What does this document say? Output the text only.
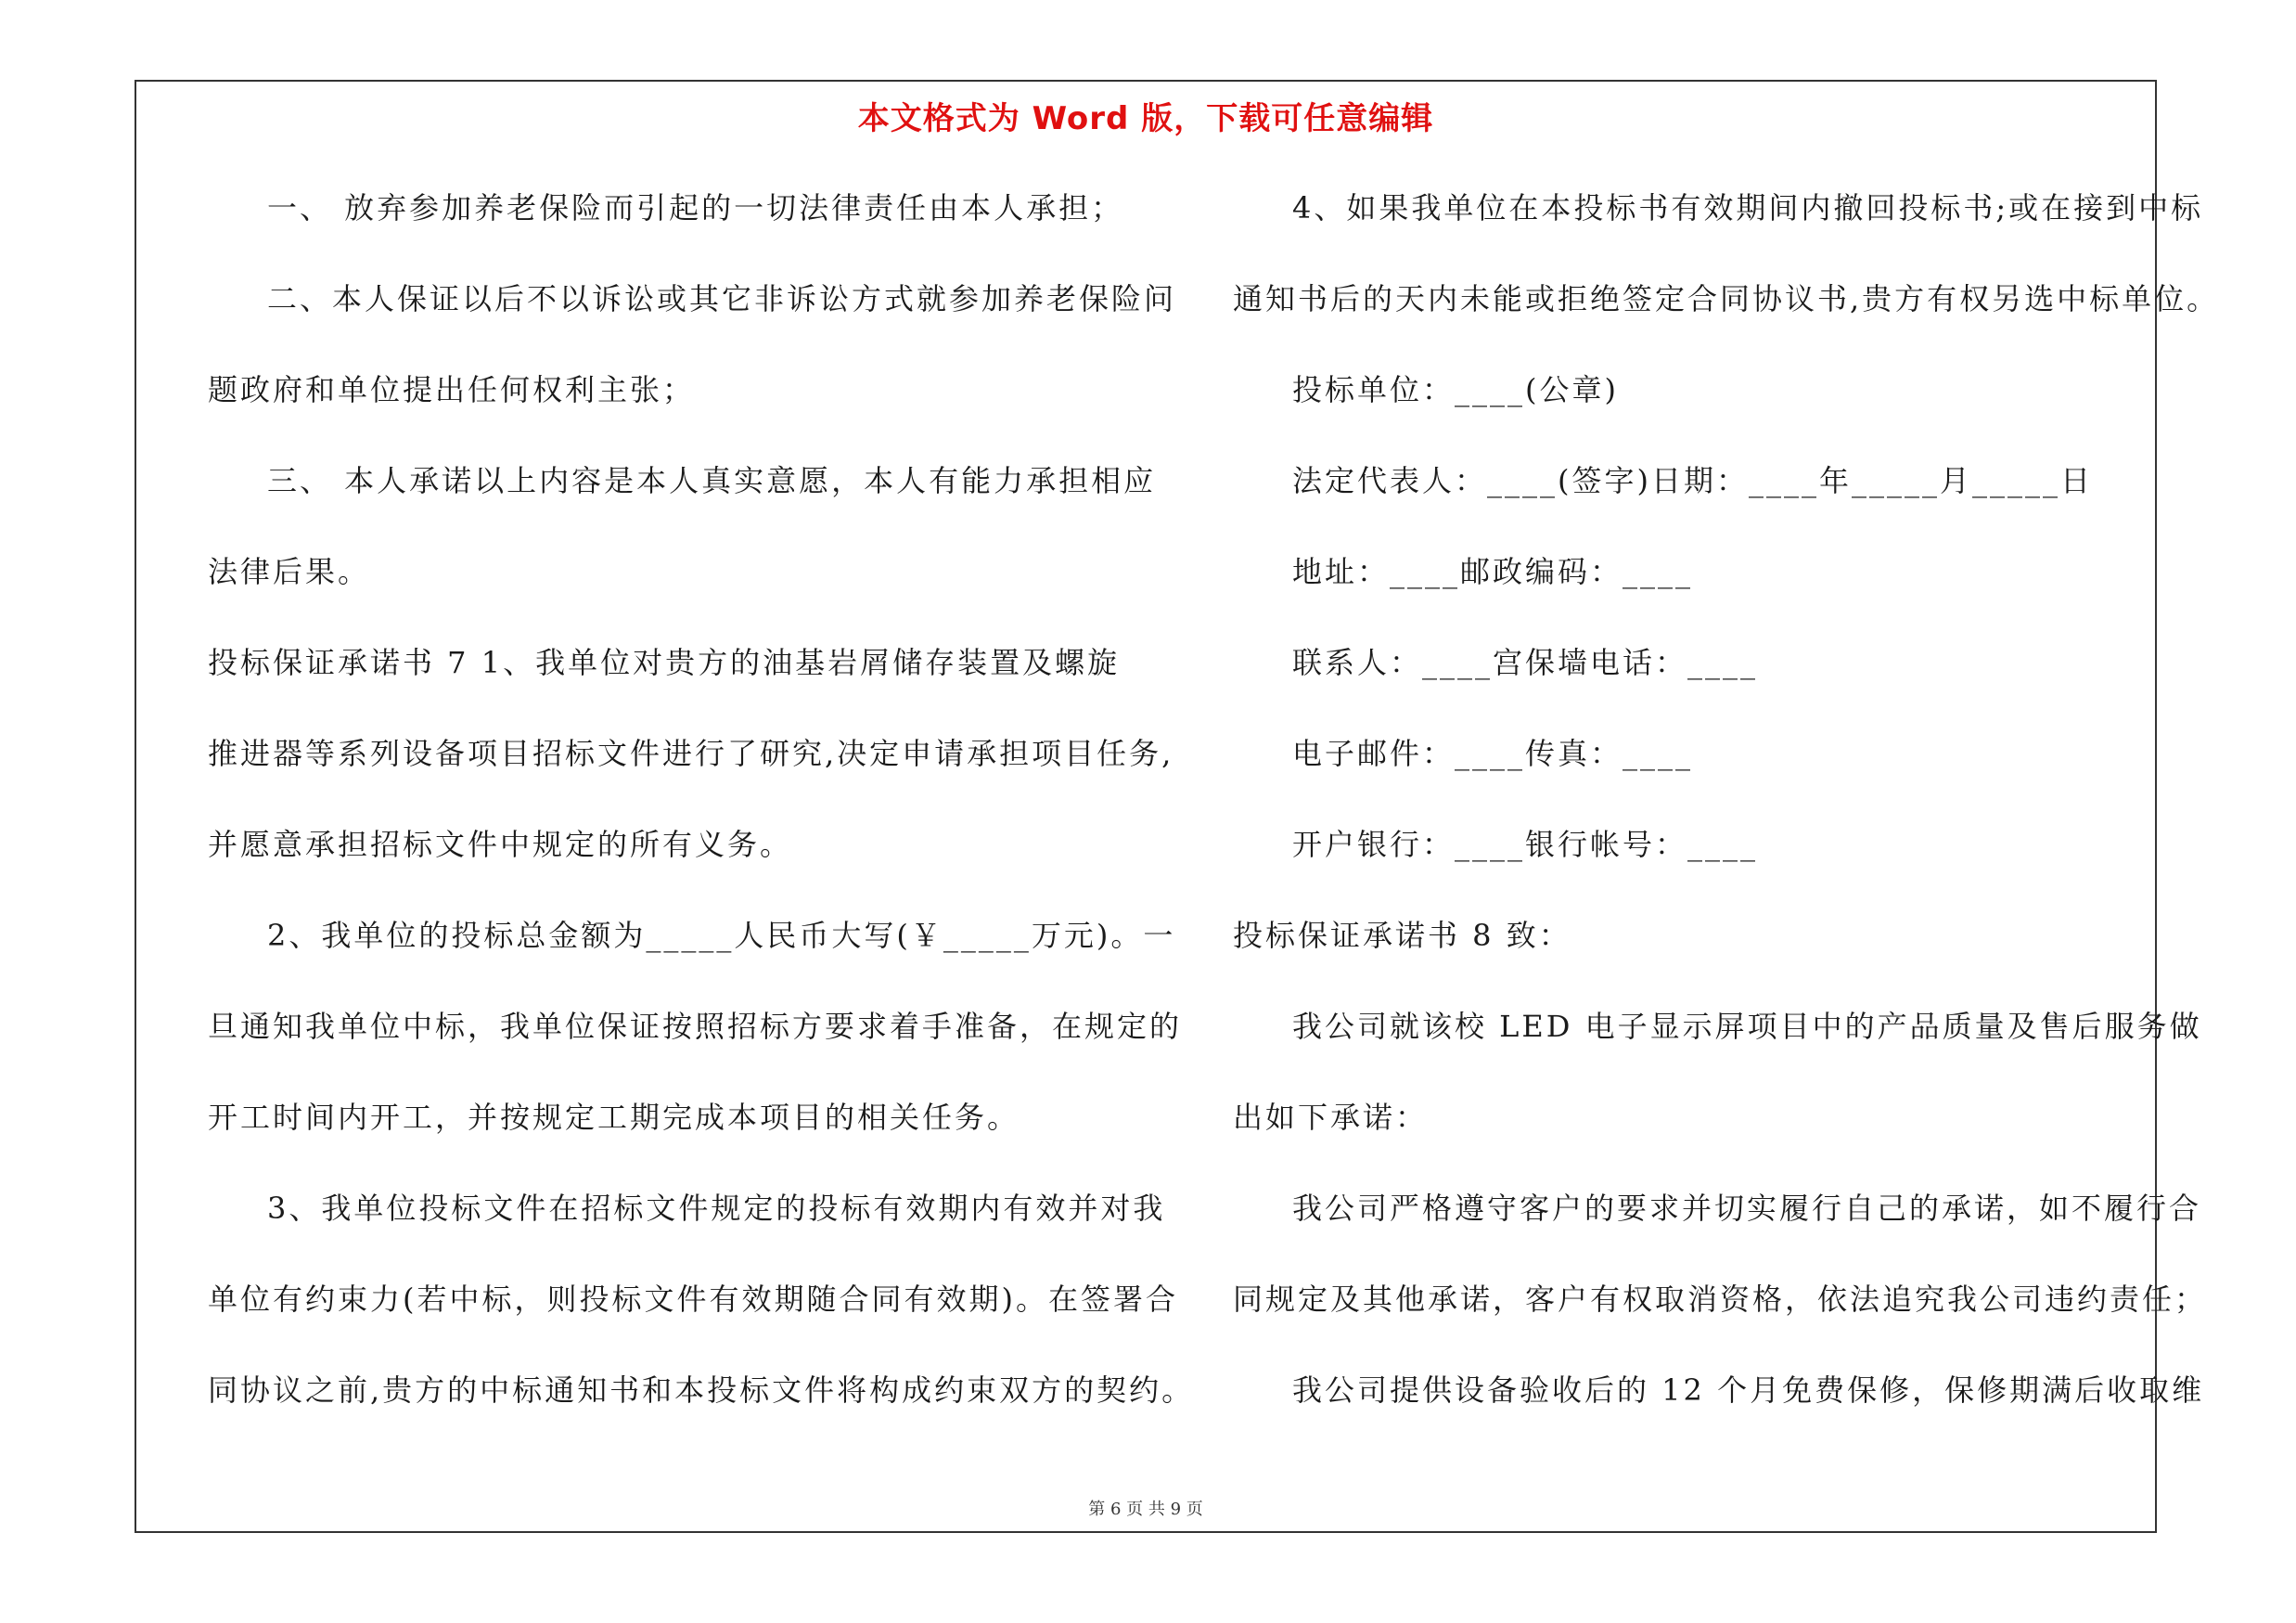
本文格式为 Word 版，下载可任意编辑
一、 放弃参加养老保险而引起的一切法律责任由本人承担；
二、本人保证以后不以诉讼或其它非诉讼方式就参加养老保险问
题政府和单位提出任何权利主张；
三、 本人承诺以上内容是本人真实意愿，本人有能力承担相应
法律后果。
投标保证承诺书 7 1、我单位对贵方的油基岩屑储存装置及螺旋
推进器等系列设备项目招标文件进行了研究,决定申请承担项目任务,
并愿意承担招标文件中规定的所有义务。
2、我单位的投标总金额为_____人民币大写(￥_____万元)。一
旦通知我单位中标，我单位保证按照招标方要求着手准备，在规定的
开工时间内开工，并按规定工期完成本项目的相关任务。
3、我单位投标文件在招标文件规定的投标有效期内有效并对我
单位有约束力(若中标，则投标文件有效期随合同有效期)。在签署合
同协议之前,贵方的中标通知书和本投标文件将构成约束双方的契约。
4、如果我单位在本投标书有效期间内撤回投标书;或在接到中标
通知书后的天内未能或拒绝签定合同协议书,贵方有权另选中标单位。
投标单位：____(公章)
法定代表人：____(签字)日期：____年_____月_____日
地址：____邮政编码：____
联系人：____宫保墙电话：____
电子邮件：____传真：____
开户银行：____银行帐号：____
投标保证承诺书 8 致：
我公司就该校 LED 电子显示屏项目中的产品质量及售后服务做
出如下承诺：
我公司严格遵守客户的要求并切实履行自己的承诺，如不履行合
同规定及其他承诺，客户有权取消资格，依法追究我公司违约责任；
我公司提供设备验收后的 12 个月免费保修，保修期满后收取维
第 6 页 共 9 页
